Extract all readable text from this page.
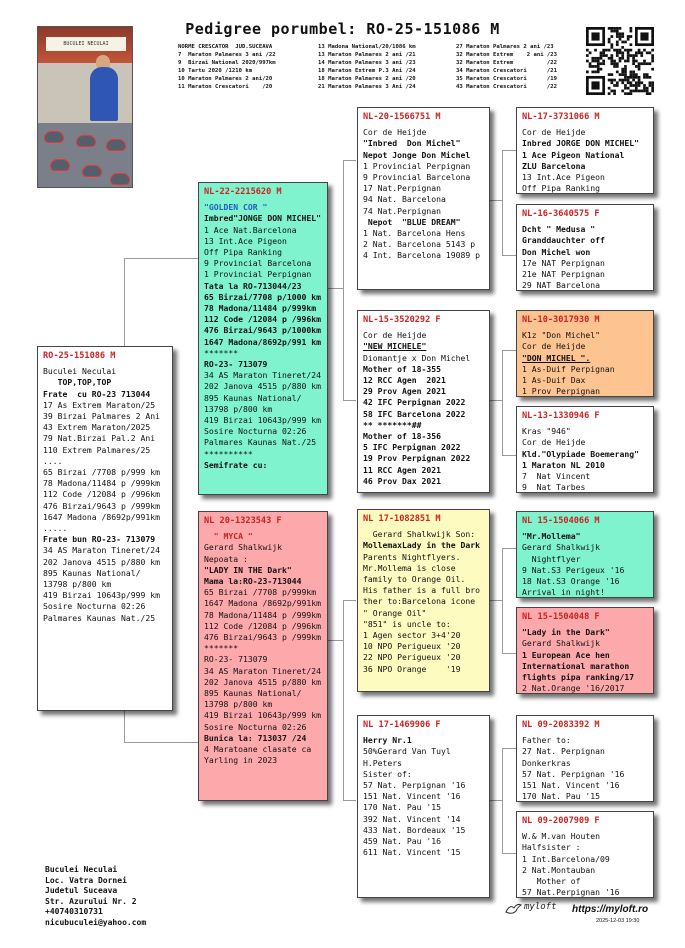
Pedigree porumbel: RO-25-151086 M
BUCULEI NECULAI	NORME CRESCATOR  JUD.SUCEAVA
7  Maraton Palmares 3 ani /22
9  Birzai National 2020/997km
10 Tartu 2020 /1210 km
10 Maraton Palmares 2 ani/20
11 Maraton Crescatori    /20
13 Madona National/20/1086 km
13 Maraton Palmares 2 ani /21
14 Maraton Palmares 3 ani /23
18 Maraton Extrem P.3 Ani /24
18 Maraton Palmares 2 ani /20
21 Maraton Palmares 3 Ani /24
27 Maraton Palmares 2 ani /23
32 Maraton Extrem    2 ani /23
32 Maraton Extrem          /22
34 Maraton Crescatori      /21
35 Maraton Crescatori      /19
43 Maraton Crescatori      /22
RO-25-151086 M
Buculei Neculai
TOP,TOP,TOP
Frate  cu RO-23 713044
17 As Extrem Maraton/25
39 Birzai Palmares 2 Ani
43 Extrem Maraton/2025
79 Nat.Birzai Pal.2 Ani
110 Extrem Palmares/25
....
65 Birzai /7708 p/999 km
78 Madona/11484 p /999km
112 Code /12084 p /996km
476 Birzai/9643 p /999km
1647 Madona /8692p/991km
.....
Frate bun RO-23- 713079
34 AS Maraton Tineret/24
202 Janova 4515 p/880 km
895 Kaunas National/
13798 p/800 km
419 Birzai 10643p/999 km
Sosire Nocturna 02:26
Palmares Kaunas Nat./25
NL-22-2215620 M
"GOLDEN COR "
Imbred"JONGE DON MICHEL"
1 Ace Nat.Barcelona
13 Int.Ace Pigeon
Off Pipa Ranking
9 Provincial Barcelona
1 Provincial Perpignan
Tata la RO-713044/23
65 Birzai/7708 p/1000 km
78 Madona/11484 p/999km
112 Code /12084 p /996km
476 Birzai/9643 p/1000km
1647 Madona/8692p/991 km
*******
RO-23- 713079
34 AS Maraton Tineret/24
202 Janova 4515 p/880 km
895 Kaunas National/
13798 p/800 km
419 Birzai 10643p/999 km
Sosire Nocturna 02:26
Palmares Kaunas Nat./25
**********
Semifrate cu:
NL 20-1323543 F
" MYCA "
Gerard Shalkwijk
Nepoata :
"LADY IN THE Dark"
Mama la:RO-23-713044
65 Birzai /7708 p/999km
1647 Madona /8692p/991km
78 Madona/11484 p /999km
112 Code /12084 p /996km
476 Birzai/9643 p /999km
*******
RO-23- 713079
34 AS Maraton Tineret/24
202 Janova 4515 p/880 km
895 Kaunas National/
13798 p/800 km
419 Birzai 10643p/999 km
Sosire Nocturna 02:26
Bunica la: 713037 /24
4 Maratoane clasate ca
Yarling in 2023
NL-20-1566751 M
Cor de Heijde
"Inbred  Don Michel"
Nepot Jonge Don Michel
1 Provincial Perpignan
9 Provincial Barcelona
17 Nat.Perpignan
94 Nat. Barcelona
74 Nat.Perpignan
Nepot  "BLUE DREAM"
1 Nat. Barcelona Hens
2 Nat. Barcelona 5143 p
4 Int. Barcelona 19089 p
NL-15-3520292 F
Cor de Heijde
"NEW MICHELE"
Diomantje x Don Michel
Mother of 18-355
12 RCC Agen  2021
29 Prov Agen 2021
42 IFC Perpignan 2022
58 IFC Barcelona 2022
** *******##
Mother of 18-356
5 IFC Perpignan 2022
19 Prov Perpignan 2022
11 RCC Agen 2021
46 Prov Dax 2021
NL 17-1082851 M
Gerard Shalkwijk Son:
MollemaxLady in the Dark
Parents Nightflyers.
Mr.Mollema is close
family to Orange Oil.
His father is a full bro
ther to:Barcelona icone
" Orange Oil"
"851" is uncle to:
1 Agen sector 3+4'20
10 NPO Perigueux '20
22 NPO Perigueux '20
36 NPO Orange    '19
NL 17-1469906 F
Herry Nr.1
50%Gerard Van Tuyl
H.Peters
Sister of:
57 Nat. Perpignan '16
151 Nat. Vincent '16
170 Nat. Pau '15
392 Nat. Vincent '14
433 Nat. Bordeaux '15
459 Nat. Pau '16
611 Nat. Vincent '15
NL-17-3731066 M
Cor de Heijde
Inbred JORGE DON MICHEL"
1 Ace Pigeon National
ZLU Barcelona
13 Int.Ace Pigeon
Off Pipa Ranking
NL-16-3640575 F
Dcht " Medusa "
Granddauchter off
Don Michel won
17e NAT Perpignan
21e NAT Perpignan
29 NAT Barcelona
NL-10-3017930 M
K1z "Don Michel"
Cor de Heijde
"DON MICHEL ".
1 As-Duif Perpignan
1 As-Duif Dax
1 Prov Perpignan
NL-13-1330946 F
Kras "946"
Cor de Heijde
Kld."Olypiade Boemerang"
1 Maraton NL 2010
7  Nat Vincent
9  Nat Tarbes
NL 15-1504066 M
"Mr.Mollema"
Gerard Shalkwijk
Nightflyer
9 Nat.S3 Perigeux '16
18 Nat.S3 Orange '16
Arrival in night!
NL 15-1504048 F
"Lady in the Dark"
Gerard Shalkwijk
1 European Ace hen
International marathon
flights pipa ranking/17
2 Nat.Orange '16/2017
NL 09-2083392 M
Father to:
27 Nat. Perpignan
Donkerkras
57 Nat. Perpignan '16
151 Nat. Vincent '16
170 Nat. Pau '15
NL 09-2007909 F
W.& M.van Houten
Halfsister :
1 Int.Barcelona/09
2 Nat.Montauban
Mother of
57 Nat.Perpignan '16
Buculei Neculai
Loc. Vatra Dornei
Judetul Suceava
Str. Azurului Nr. 2
+40740310731
nicubuculei@yahoo.com
myloft https://myloft.ro
2025-12-03 19:30
